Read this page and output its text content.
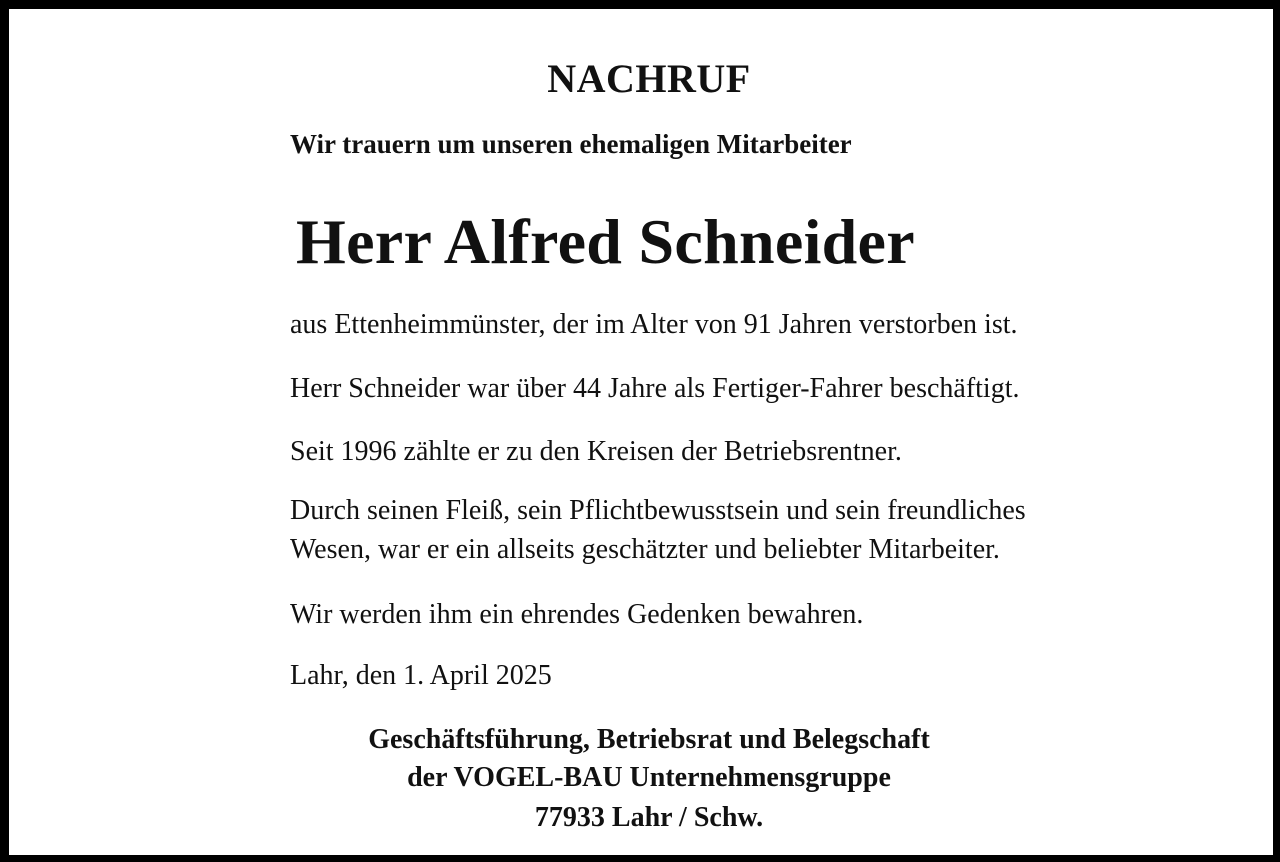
NACHRUF

Wir trauern um unseren ehemaligen Mitarbeiter

Herr Alfred Schneider

aus Ettenheimmünster, der im Alter von 91 Jahren verstorben ist.

Herr Schneider war über 44 Jahre als Fertiger-Fahrer beschäftigt.

Seit 1996 zählte er zu den Kreisen der Betriebsrentner.

Durch seinen Fleiß, sein Pflichtbewusstsein und sein freundliches

Wesen, war er ein allseits geschätzter und beliebter Mitarbeiter.

Wir werden ihm ein ehrendes Gedenken bewahren.

Lahr, den 1. April 2025

Geschäftsführung, Betriebsrat und Belegschaft

der VOGEL-BAU Unternehmensgruppe

77933 Lahr / Schw.
